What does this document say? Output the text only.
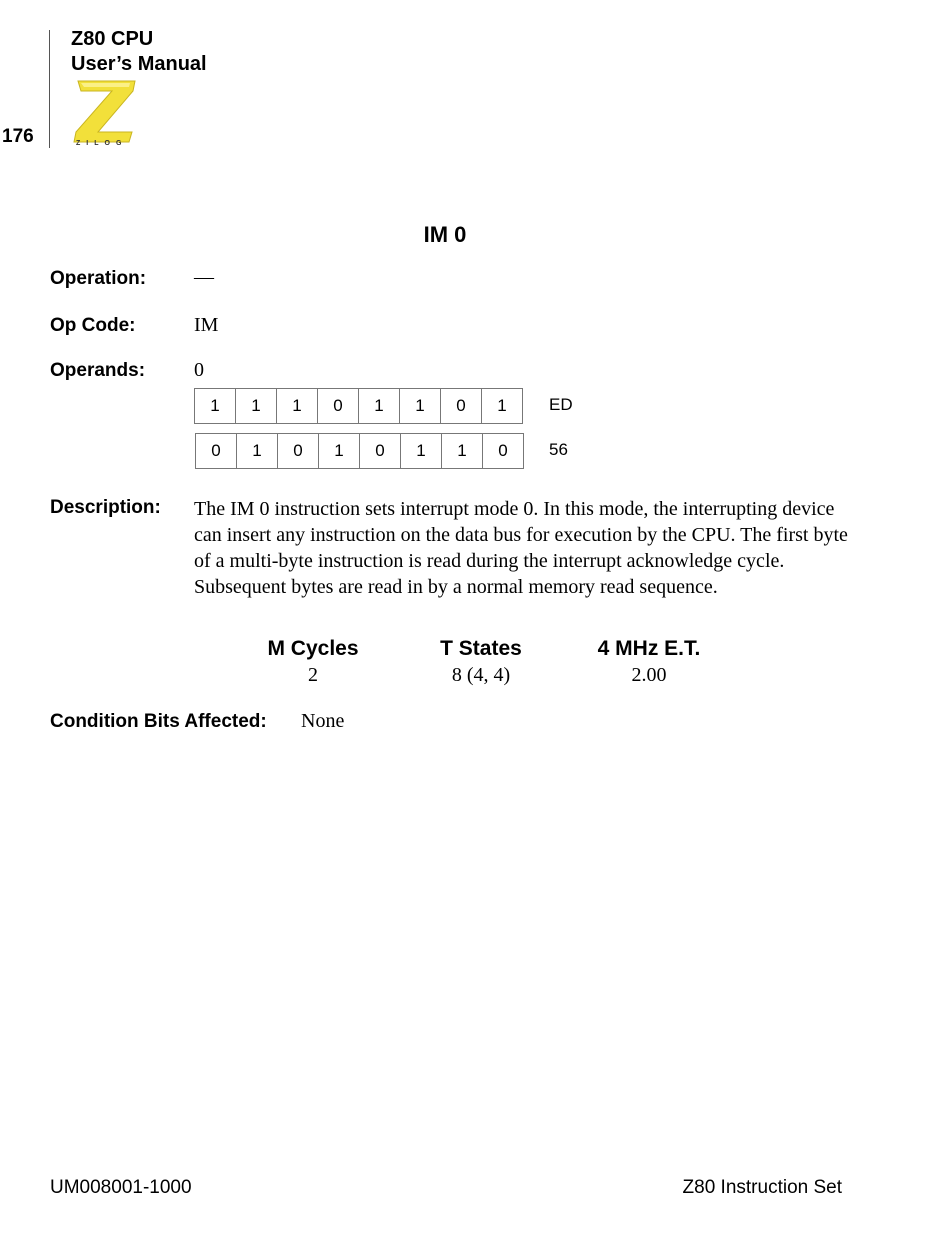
Z80 CPU
User’s Manual
176	ZILOG
IM 0
Operation: —
Op Code:	IM
Operands: 0
1	1	1	0	1	1	0	1	ED
0	1	0	1	0	1	1	0	56
Description: The IM 0 instruction sets interrupt mode 0. In this mode, the interrupting device can insert any instruction on the data bus for execution by the CPU. The first byte of a multi-byte instruction is read during the interrupt acknowledge cycle. Subsequent bytes are read in by a normal memory read sequence.
M Cycles	T States	4 MHz E.T.
2	8 (4, 4)	2.00
Condition Bits Affected: None
UM008001-1000	Z80 Instruction Set
